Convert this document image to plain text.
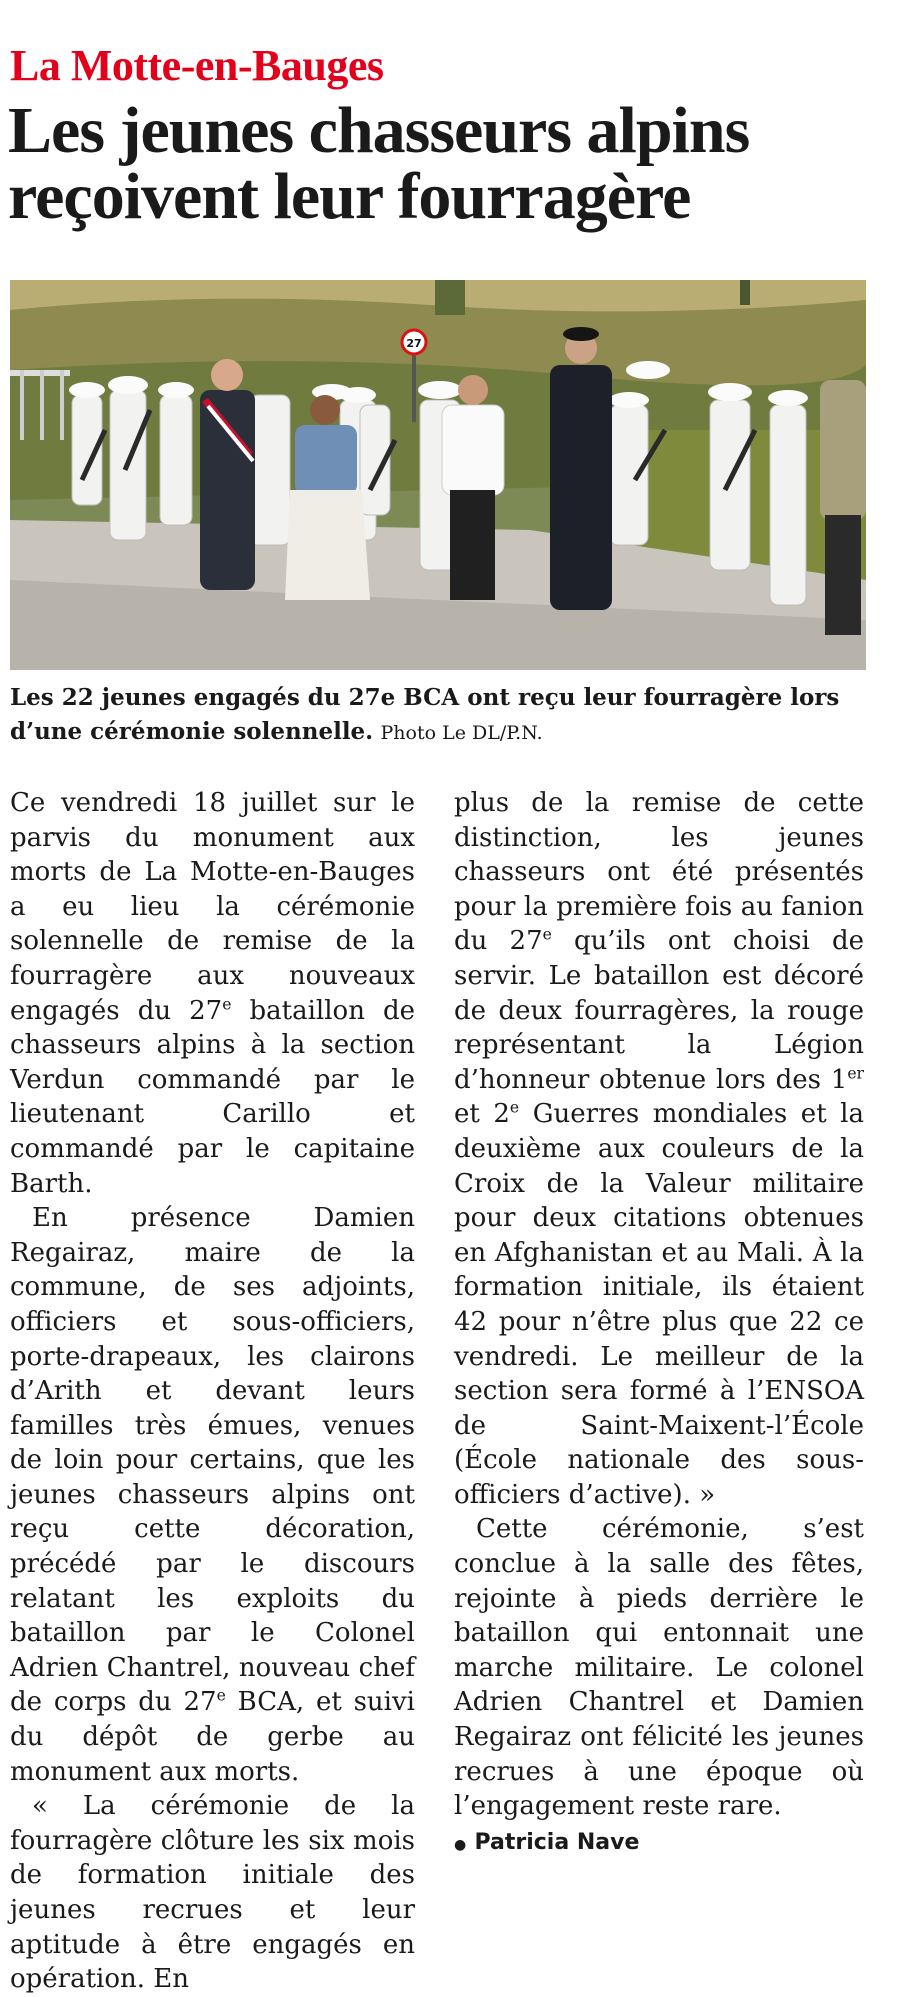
La Motte-en-Bauges
Les jeunes chasseurs alpins
reçoivent leur fourragère
27
Les 22 jeunes engagés du 27e BCA ont reçu leur fourragère lors d’une cérémonie solennelle. Photo Le DL/P.N.

Ce vendredi 18 juillet sur le parvis du monument aux morts de La Motte-en-Bauges a eu lieu la cérémonie solennelle de remise de la fourragère aux nouveaux engagés du 27e bataillon de chasseurs alpins à la section Verdun commandé par le lieutenant Carillo et commandé par le capitaine Barth.

En présence Damien Regairaz, maire de la commune, de ses adjoints, officiers et sous-officiers, porte-drapeaux, les clairons d’Arith et devant leurs familles très émues, venues de loin pour certains, que les jeunes chasseurs alpins ont reçu cette décoration, précédé par le discours relatant les exploits du bataillon par le Colonel Adrien Chantrel, nouveau chef de corps du 27e BCA, et suivi du dépôt de gerbe au monument aux morts.

« La cérémonie de la fourragère clôture les six mois de formation initiale des jeunes recrues et leur aptitude à être engagés en opération. En

plus de la remise de cette distinction, les jeunes chasseurs ont été présentés pour la première fois au fanion du 27e qu’ils ont choisi de servir. Le bataillon est décoré de deux fourragères, la rouge représentant la Légion d’honneur obtenue lors des 1er et 2e Guerres mondiales et la deuxième aux couleurs de la Croix de la Valeur militaire pour deux citations obtenues en Afghanistan et au Mali. À la formation initiale, ils étaient 42 pour n’être plus que 22 ce vendredi. Le meilleur de la section sera formé à l’ENSOA de Saint-Maixent-l’École (École nationale des sous-officiers d’active). »

Cette cérémonie, s’est conclue à la salle des fêtes, rejointe à pieds derrière le bataillon qui entonnait une marche militaire. Le colonel Adrien Chantrel et Damien Regairaz ont félicité les jeunes recrues à une époque où l’engagement reste rare.

● Patricia Nave
